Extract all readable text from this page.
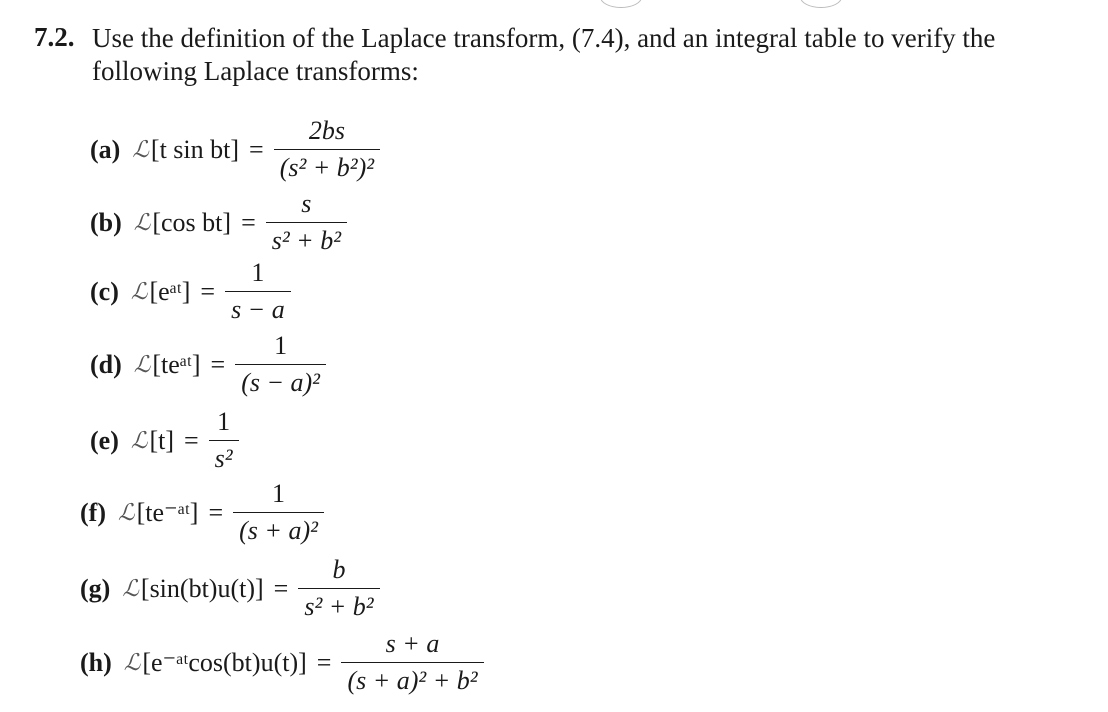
7.2. Use the definition of the Laplace transform, (7.4), and an integral table to verify the following Laplace transforms:
(a) ℒ [t $\sin bt] = \frac{2bs}{\text{(s² + b²)²}}$
(b) ℒ [cos $bt] = \frac{s}{\text{s² + b²}}$
(c) ℒ [eᵃᵗ] = $\frac{1}{s - a}$
(d) ℒ [teᵃᵗ] = $\frac{1}{\text{(s − a)²}}$
(e) ℒ $[t] = \frac{1}{\text{s²}}$
(f) ℒ [te⁻ᵃᵗ] = $\frac{1}{\text{(s + a)²}}$
(g) ℒ $[\sin(bt)u(t)] = \frac{b}{\text{s² + b²}}$
(h) ℒ [e⁻ᵃᵗcos(bt)u(t)] = $\frac{s + a}{\text{(s + a)² + b²}}$
